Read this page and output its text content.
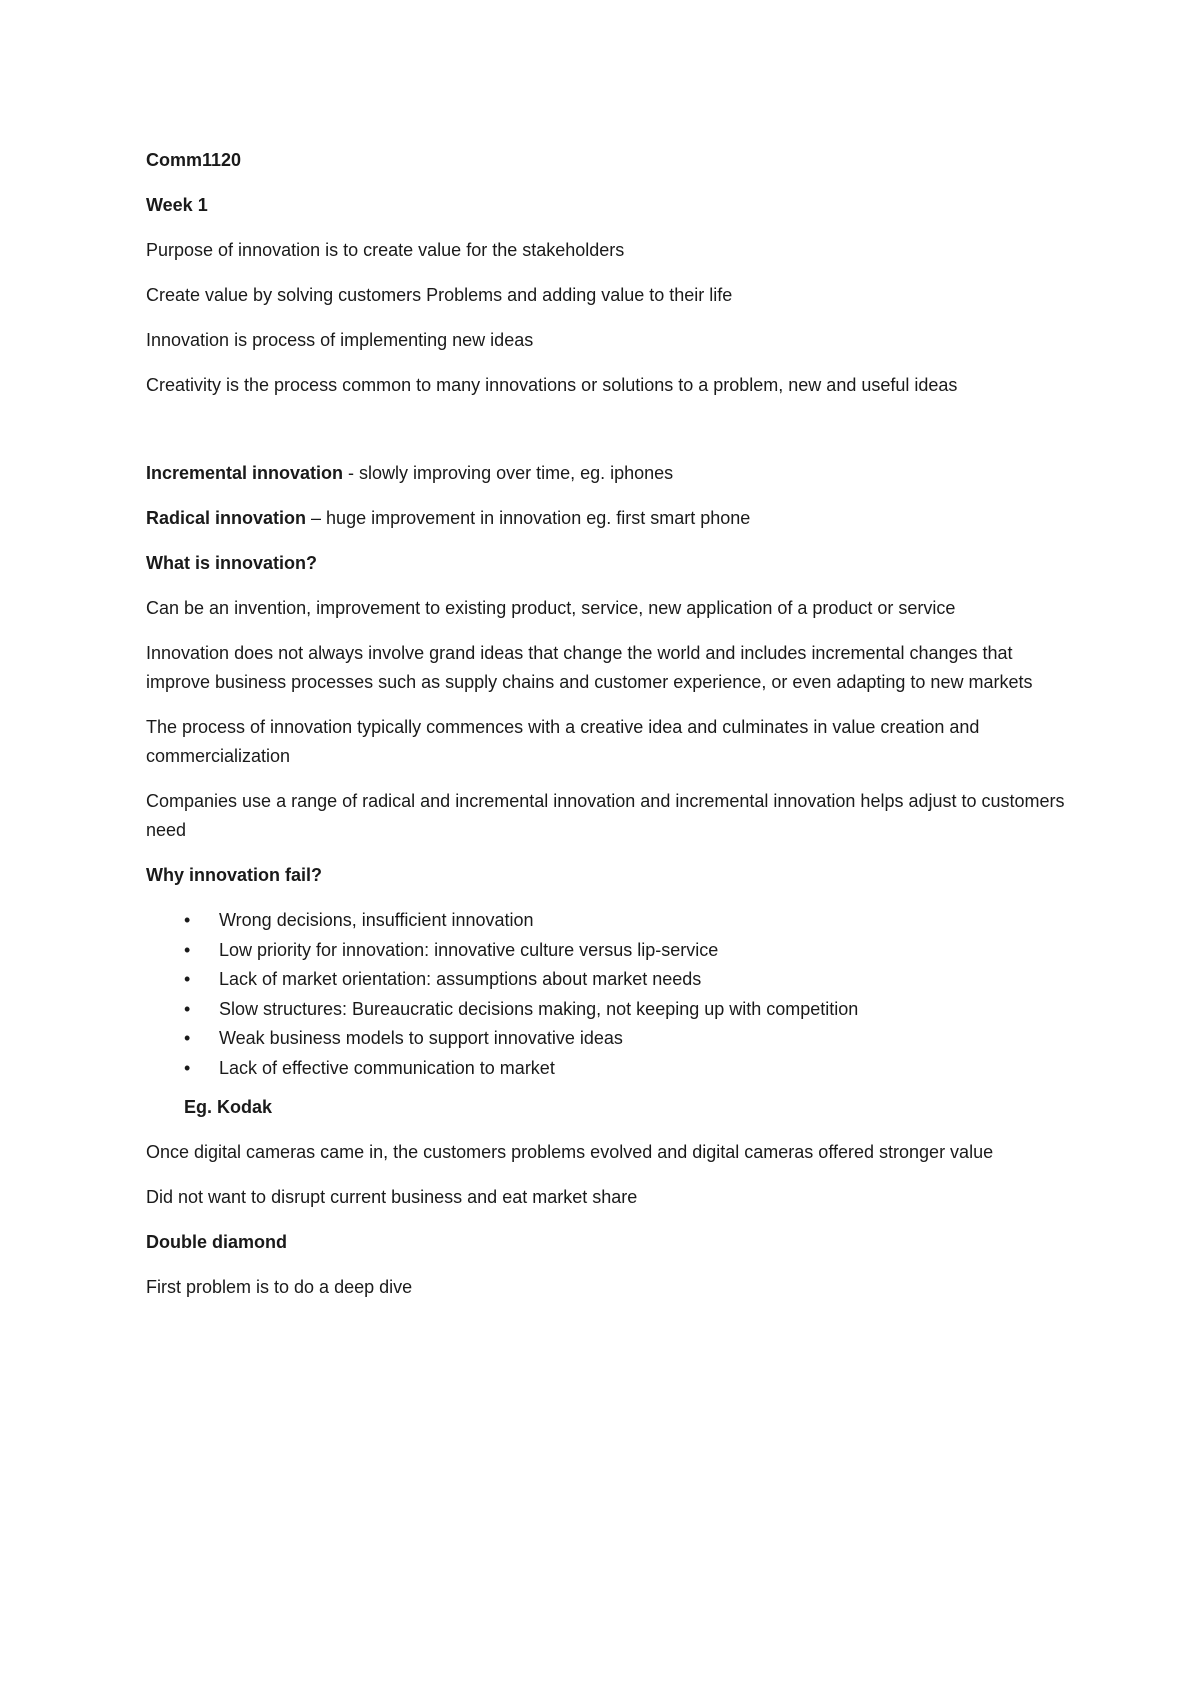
Comm1120

Week 1

Purpose of innovation is to create value for the stakeholders

Create value by solving customers Problems and adding value to their life

Innovation is process of implementing new ideas

Creativity is the process common to many innovations or solutions to a problem, new and useful ideas

Incremental innovation - slowly improving over time, eg. iphones

Radical innovation – huge improvement in innovation eg. first smart phone

What is innovation?

Can be an invention, improvement to existing product, service, new application of a product or service

Innovation does not always involve grand ideas that change the world and includes incremental changes that improve business processes such as supply chains and customer experience, or even adapting to new markets

The process of innovation typically commences with a creative idea and culminates in value creation and commercialization

Companies use a range of radical and incremental innovation and incremental innovation helps adjust to customers need

Why innovation fail?

• Wrong decisions, insufficient innovation
• Low priority for innovation: innovative culture versus lip-service
• Lack of market orientation: assumptions about market needs
• Slow structures: Bureaucratic decisions making, not keeping up with competition
• Weak business models to support innovative ideas
• Lack of effective communication to market

Eg. Kodak

Once digital cameras came in, the customers problems evolved and digital cameras offered stronger value

Did not want to disrupt current business and eat market share

Double diamond

First problem is to do a deep dive
